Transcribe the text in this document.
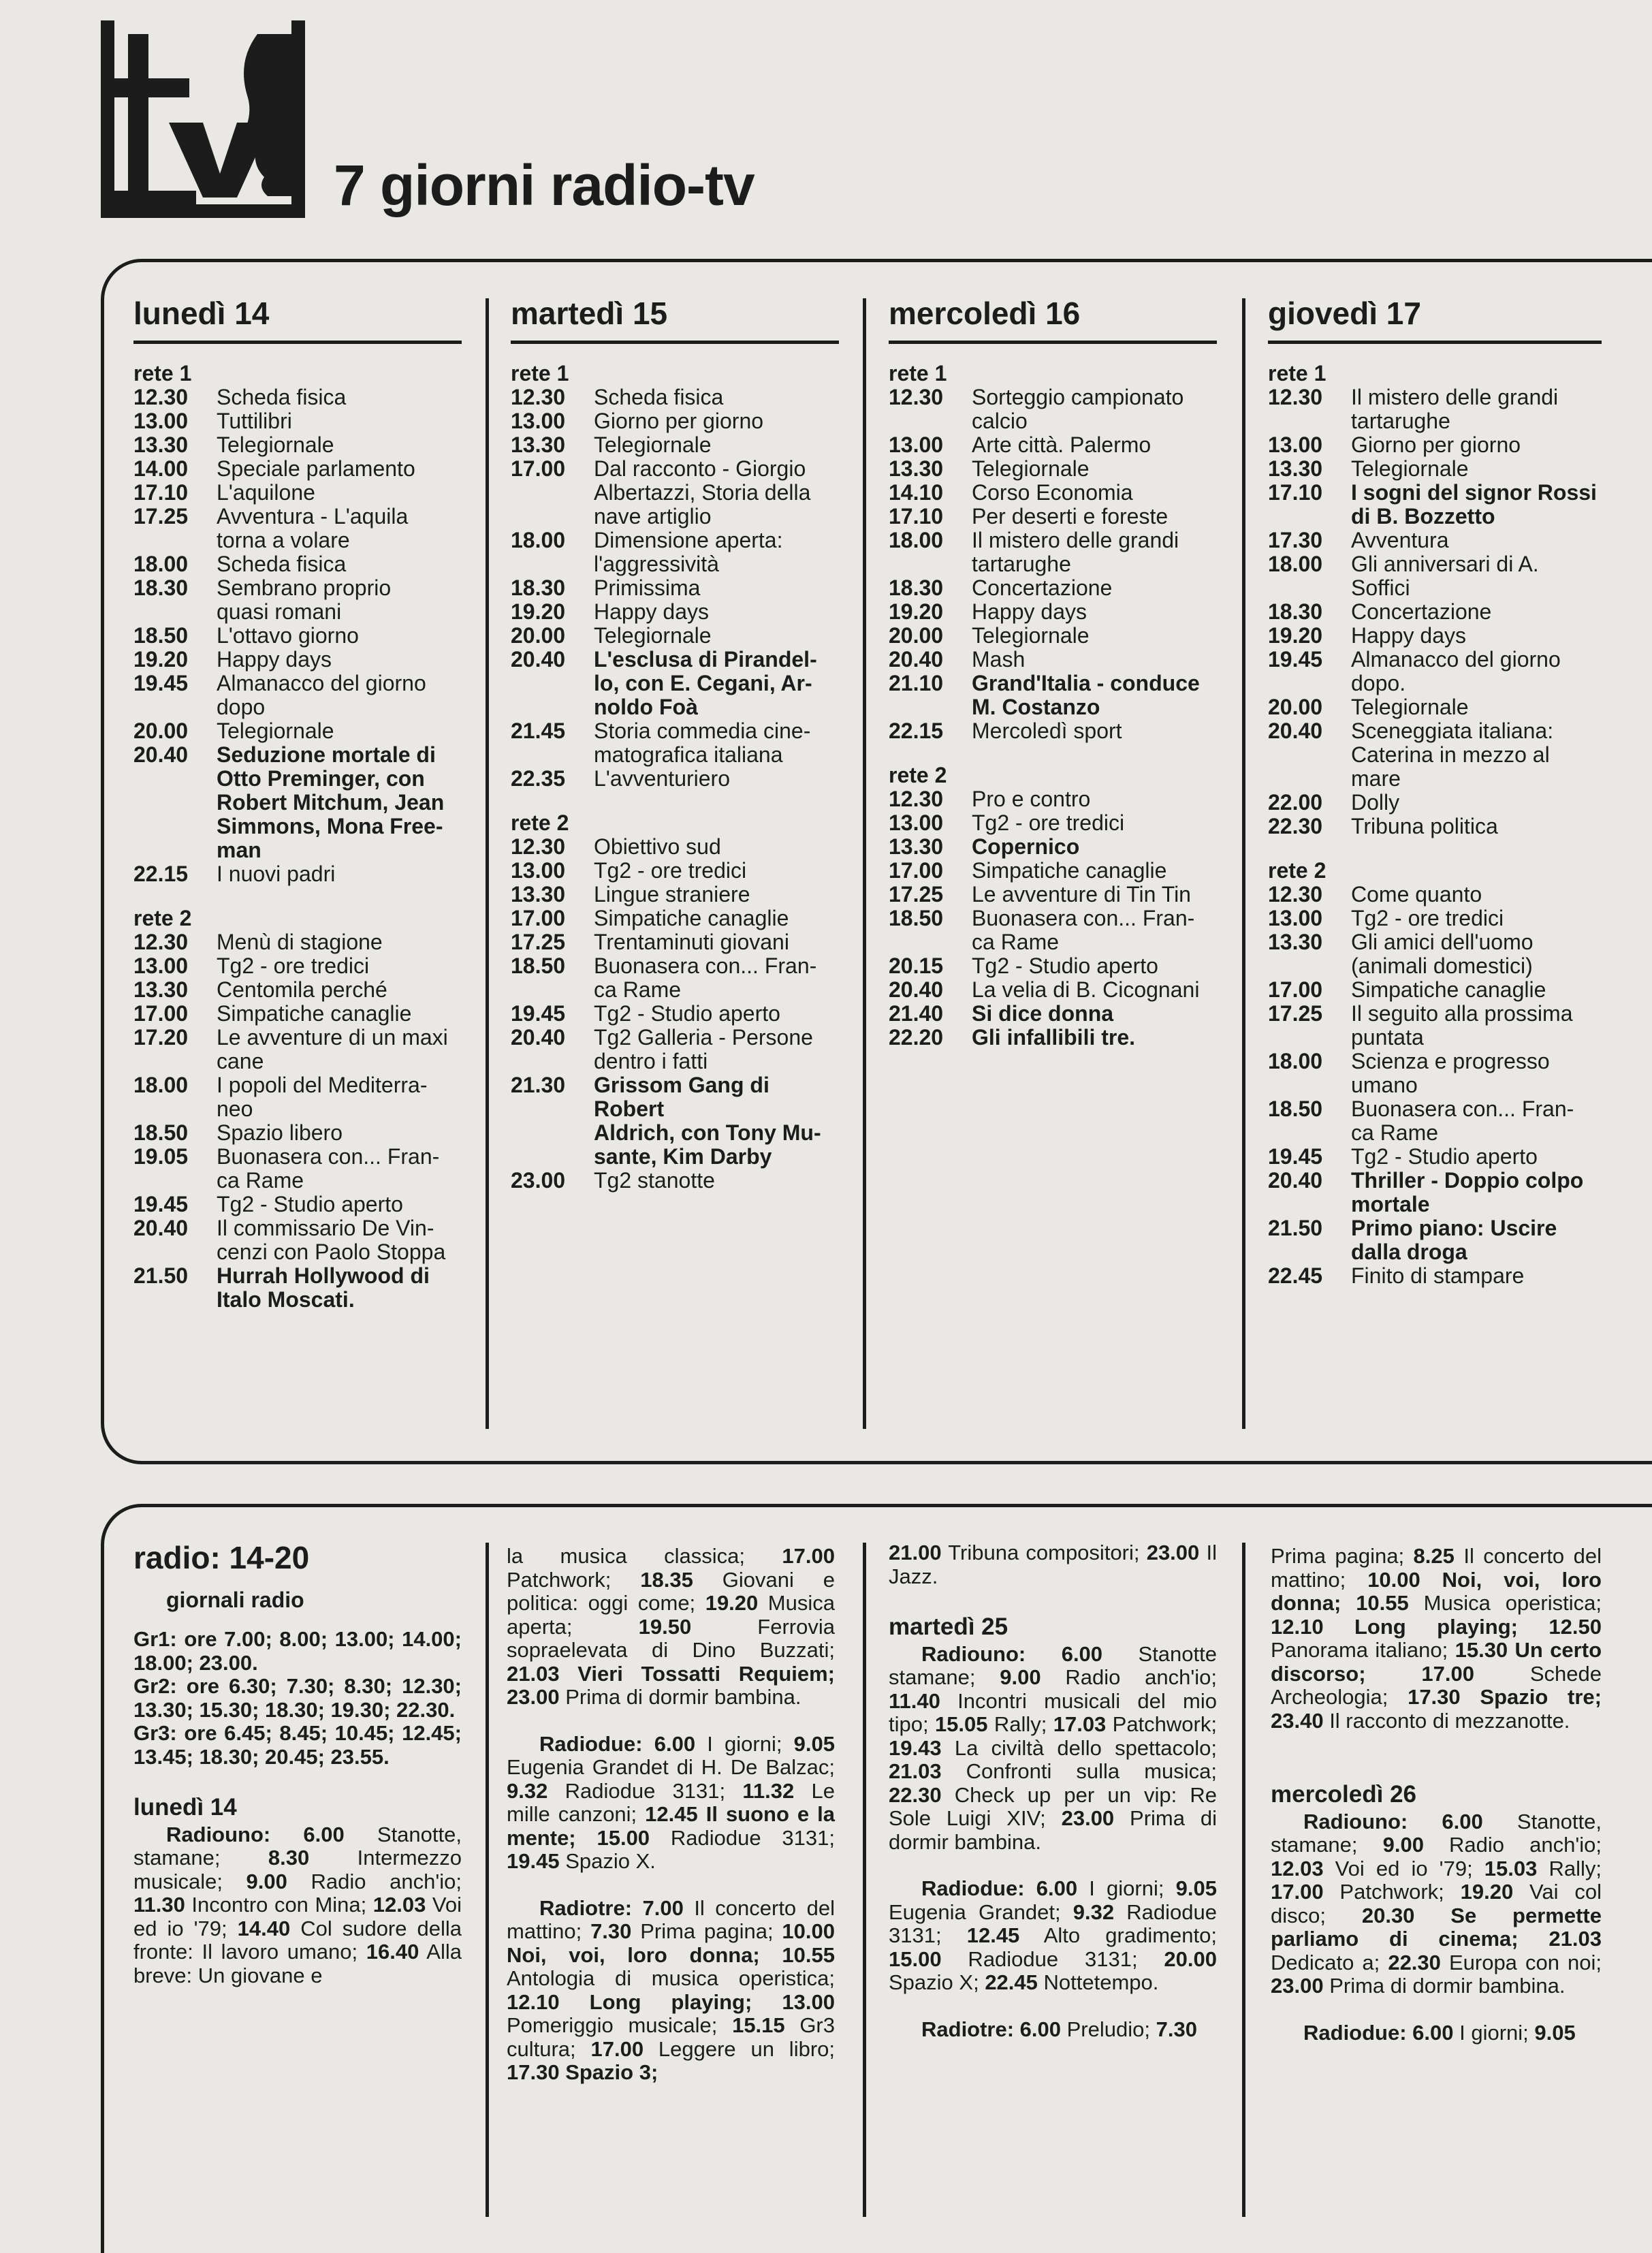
7 giorni radio-tv
lunedì 14
rete 1
12.30	Scheda fisica
13.00	Tuttilibri
13.30	Telegiornale
14.00	Speciale parlamento
17.10	L'aquilone
17.25	Avventura - L'aquila
torna a volare
18.00	Scheda fisica
18.30	Sembrano proprio
quasi romani
18.50	L'ottavo giorno
19.20	Happy days
19.45	Almanacco del giorno
dopo
20.00	Telegiornale
20.40	Seduzione mortale di
Otto Preminger, con
Robert Mitchum, Jean
Simmons, Mona Free-
man
22.15	I nuovi padri
rete 2
12.30	Menù di stagione
13.00	Tg2 - ore tredici
13.30	Centomila perché
17.00	Simpatiche canaglie
17.20	Le avventure di un maxi
cane
18.00	I popoli del Mediterra-
neo
18.50	Spazio libero
19.05	Buonasera con... Fran-
ca Rame
19.45	Tg2 - Studio aperto
20.40	Il commissario De Vin-
cenzi con Paolo Stoppa
21.50	Hurrah Hollywood di
Italo Moscati.
martedì 15
rete 1
12.30	Scheda fisica
13.00	Giorno per giorno
13.30	Telegiornale
17.00	Dal racconto - Giorgio
Albertazzi, Storia della
nave artiglio
18.00	Dimensione aperta:
l'aggressività
18.30	Primissima
19.20	Happy days
20.00	Telegiornale
20.40	L'esclusa di Pirandel-
lo, con E. Cegani, Ar-
noldo Foà
21.45	Storia commedia cine-
matografica italiana
22.35	L'avventuriero
rete 2
12.30	Obiettivo sud
13.00	Tg2 - ore tredici
13.30	Lingue straniere
17.00	Simpatiche canaglie
17.25	Trentaminuti giovani
18.50	Buonasera con... Fran-
ca Rame
19.45	Tg2 - Studio aperto
20.40	Tg2 Galleria - Persone
dentro i fatti
21.30	Grissom Gang di Robert
Aldrich, con Tony Mu-
sante, Kim Darby
23.00	Tg2 stanotte
mercoledì 16
rete 1
12.30	Sorteggio campionato
calcio
13.00	Arte città. Palermo
13.30	Telegiornale
14.10	Corso Economia
17.10	Per deserti e foreste
18.00	Il mistero delle grandi
tartarughe
18.30	Concertazione
19.20	Happy days
20.00	Telegiornale
20.40	Mash
21.10	Grand'Italia - conduce
M. Costanzo
22.15	Mercoledì sport
rete 2
12.30	Pro e contro
13.00	Tg2 - ore tredici
13.30	Copernico
17.00	Simpatiche canaglie
17.25	Le avventure di Tin Tin
18.50	Buonasera con... Fran-
ca Rame
20.15	Tg2 - Studio aperto
20.40	La velia di B. Cicognani
21.40	Si dice donna
22.20	Gli infallibili tre.
giovedì 17
rete 1
12.30	Il mistero delle grandi
tartarughe
13.00	Giorno per giorno
13.30	Telegiornale
17.10	I sogni del signor Rossi
di B. Bozzetto
17.30	Avventura
18.00	Gli anniversari di A.
Soffici
18.30	Concertazione
19.20	Happy days
19.45	Almanacco del giorno
dopo.
20.00	Telegiornale
20.40	Sceneggiata italiana:
Caterina in mezzo al
mare
22.00	Dolly
22.30	Tribuna politica
rete 2
12.30	Come quanto
13.00	Tg2 - ore tredici
13.30	Gli amici dell'uomo
(animali domestici)
17.00	Simpatiche canaglie
17.25	Il seguito alla prossima
puntata
18.00	Scienza e progresso
umano
18.50	Buonasera con... Fran-
ca Rame
19.45	Tg2 - Studio aperto
20.40	Thriller - Doppio colpo
mortale
21.50	Primo piano: Uscire
dalla droga
22.45	Finito di stampare
radio: 14-20
giornali radio

Gr1: ore 7.00; 8.00; 13.00; 14.00; 18.00; 23.00.

Gr2: ore 6.30; 7.30; 8.30; 12.30; 13.30; 15.30; 18.30; 19.30; 22.30.

Gr3: ore 6.45; 8.45; 10.45; 12.45; 13.45; 18.30; 20.45; 23.55.

lunedì 14

Radiouno: 6.00 Stanotte, stamane; 8.30 Intermezzo musicale; 9.00 Radio anch'io; 11.30 Incontro con Mina; 12.03 Voi ed io '79; 14.40 Col sudore della fronte: Il lavoro umano; 16.40 Alla breve: Un giovane e

la musica classica; 17.00 Patchwork; 18.35 Giovani e politica: oggi come; 19.20 Musica aperta; 19.50 Ferrovia sopraelevata di Dino Buzzati; 21.03 Vieri Tossatti Requiem; 23.00 Prima di dormir bambina.

Radiodue: 6.00 I giorni; 9.05 Eugenia Grandet di H. De Balzac; 9.32 Radiodue 3131; 11.32 Le mille canzoni; 12.45 Il suono e la mente; 15.00 Radiodue 3131; 19.45 Spazio X.

Radiotre: 7.00 Il concerto del mattino; 7.30 Prima pagina; 10.00 Noi, voi, loro donna; 10.55 Antologia di musica operistica; 12.10 Long playing; 13.00 Pomeriggio musicale; 15.15 Gr3 cultura; 17.00 Leggere un libro; 17.30 Spazio 3;

21.00 Tribuna compositori; 23.00 Il Jazz.

martedì 25

Radiouno: 6.00 Stanotte stamane; 9.00 Radio anch'io; 11.40 Incontri musicali del mio tipo; 15.05 Rally; 17.03 Patchwork; 19.43 La civiltà dello spettacolo; 21.03 Confronti sulla musica; 22.30 Check up per un vip: Re Sole Luigi XIV; 23.00 Prima di dormir bambina.

Radiodue: 6.00 I giorni; 9.05 Eugenia Grandet; 9.32 Radiodue 3131; 12.45 Alto gradimento; 15.00 Radiodue 3131; 20.00 Spazio X; 22.45 Nottetempo.

Radiotre: 6.00 Preludio; 7.30

Prima pagina; 8.25 Il concerto del mattino; 10.00 Noi, voi, loro donna; 10.55 Musica operistica; 12.10 Long playing; 12.50 Panorama italiano; 15.30 Un certo discorso;	17.00 Schede Archeologia; 17.30 Spazio tre; 23.40 Il racconto di mezzanotte.

mercoledì 26

Radiouno: 6.00 Stanotte, stamane; 9.00 Radio anch'io; 12.03 Voi ed io '79; 15.03 Rally; 17.00 Patchwork; 19.20 Vai col disco; 20.30 Se permette parliamo di cinema; 21.03 Dedicato a; 22.30 Europa con noi; 23.00 Prima di dormir bambina.

Radiodue: 6.00 I giorni; 9.05
